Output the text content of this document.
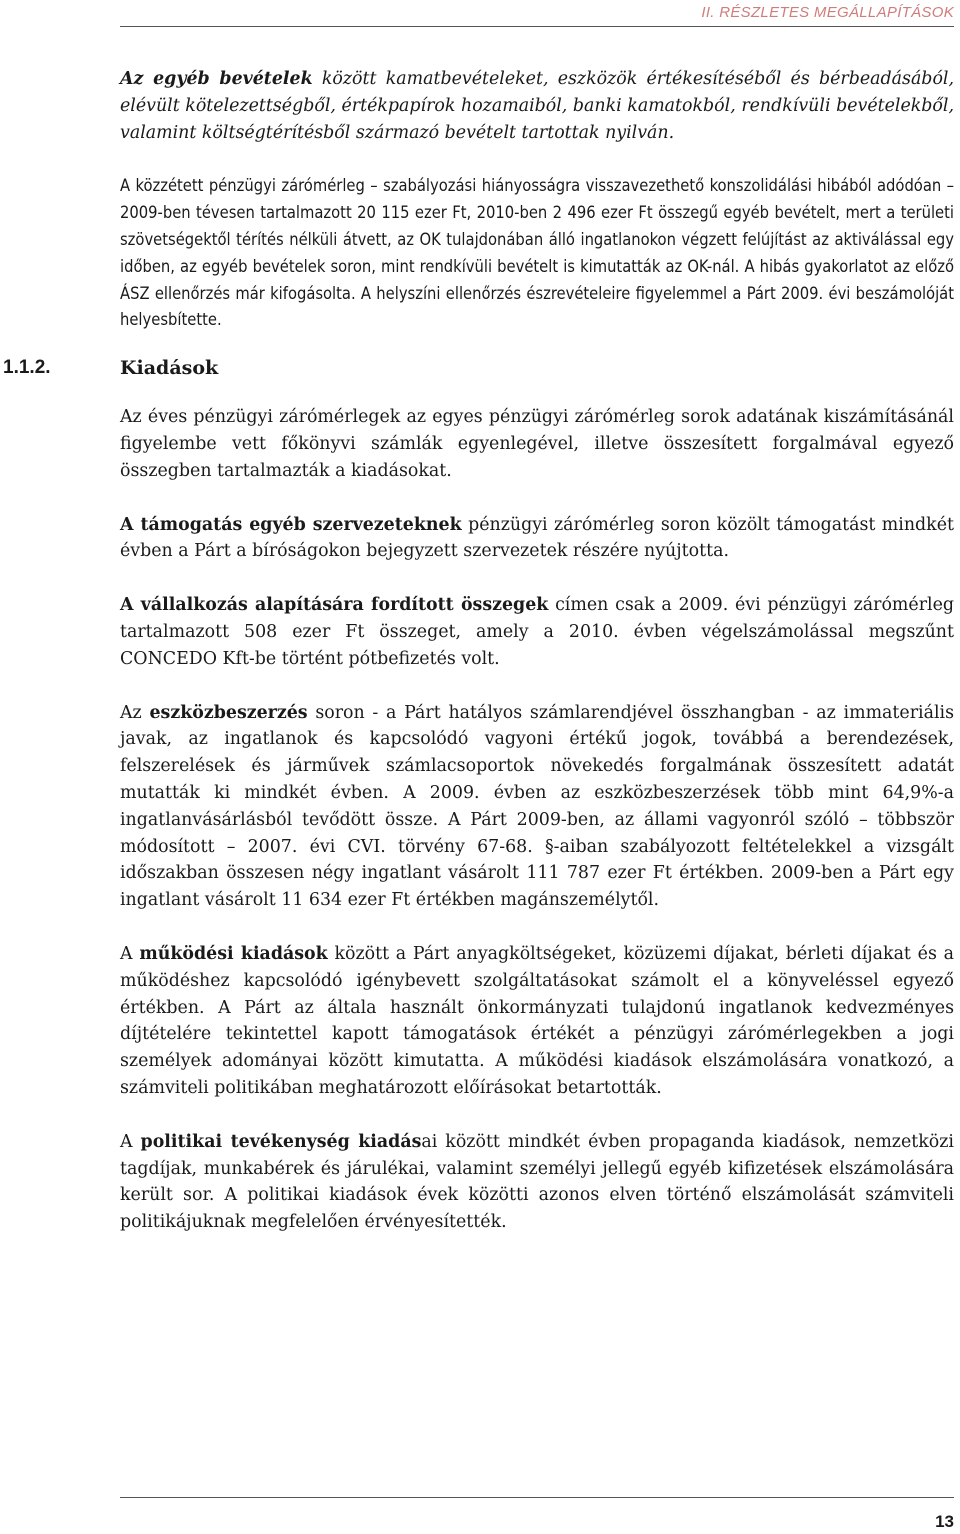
II. RÉSZLETES MEGÁLLAPÍTÁSOK

Az egyéb bevételek között kamatbevételeket, eszközök értékesítéséből és bérbeadásából, elévült kötelezettségből, értékpapírok hozamaiból, banki kamatokból, rendkívüli bevételekből, valamint költségtérítésből származó bevételt tartottak nyilván.

A közzétett pénzügyi zárómérleg – szabályozási hiányosságra visszavezethető konszolidálási hibából adódóan – 2009-ben tévesen tartalmazott 20 115 ezer Ft, 2010-ben 2 496 ezer Ft összegű egyéb bevételt, mert a területi szövetségektől térítés nélküli átvett, az OK tulajdonában álló ingatlanokon végzett felújítást az aktiválással egy időben, az egyéb bevételek soron, mint rendkívüli bevételt is kimutatták az OK-nál. A hibás gyakorlatot az előző ÁSZ ellenőrzés már kifogásolta. A helyszíni ellenőrzés észrevételeire figyelemmel a Párt 2009. évi beszámolóját helyesbítette.

1.1.2.	Kiadások

Az éves pénzügyi zárómérlegek az egyes pénzügyi zárómérleg sorok adatának kiszámításánál figyelembe vett főkönyvi számlák egyenlegével, illetve összesített forgalmával egyező összegben tartalmazták a kiadásokat.

A támogatás egyéb szervezeteknek pénzügyi zárómérleg soron közölt támogatást mindkét évben a Párt a bíróságokon bejegyzett szervezetek részére nyújtotta.

A vállalkozás alapítására fordított összegek címen csak a 2009. évi pénzügyi zárómérleg tartalmazott 508 ezer Ft összeget, amely a 2010. évben végelszámolással megszűnt CONCEDO Kft-be történt pótbefizetés volt.

Az eszközbeszerzés soron - a Párt hatályos számlarendjével összhangban - az immateriális javak, az ingatlanok és kapcsolódó vagyoni értékű jogok, továbbá a berendezések, felszerelések és járművek számlacsoportok növekedés forgalmának összesített adatát mutatták ki mindkét évben. A 2009. évben az eszközbeszerzések több mint 64,9%-a ingatlanvásárlásból tevődött össze. A Párt 2009-ben, az állami vagyonról szóló – többször módosított – 2007. évi CVI. törvény 67-68. §-aiban szabályozott feltételekkel a vizsgált időszakban összesen négy ingatlant vásárolt 111 787 ezer Ft értékben. 2009-ben a Párt egy ingatlant vásárolt 11 634 ezer Ft értékben magánszemélytől.

A működési kiadások között a Párt anyagköltségeket, közüzemi díjakat, bérleti díjakat és a működéshez kapcsolódó igénybevett szolgáltatásokat számolt el a könyveléssel egyező értékben. A Párt az általa használt önkormányzati tulajdonú ingatlanok kedvezményes díjtételére tekintettel kapott támogatások értékét a pénzügyi zárómérlegekben a jogi személyek adományai között kimutatta. A működési kiadások elszámolására vonatkozó, a számviteli politikában meghatározott előírásokat betartották.

A politikai tevékenység kiadásai között mindkét évben propaganda kiadások, nemzetközi tagdíjak, munkabérek és járulékai, valamint személyi jellegű egyéb kifizetések elszámolására került sor. A politikai kiadások évek közötti azonos elven történő elszámolását számviteli politikájuknak megfelelően érvényesítették.

13
